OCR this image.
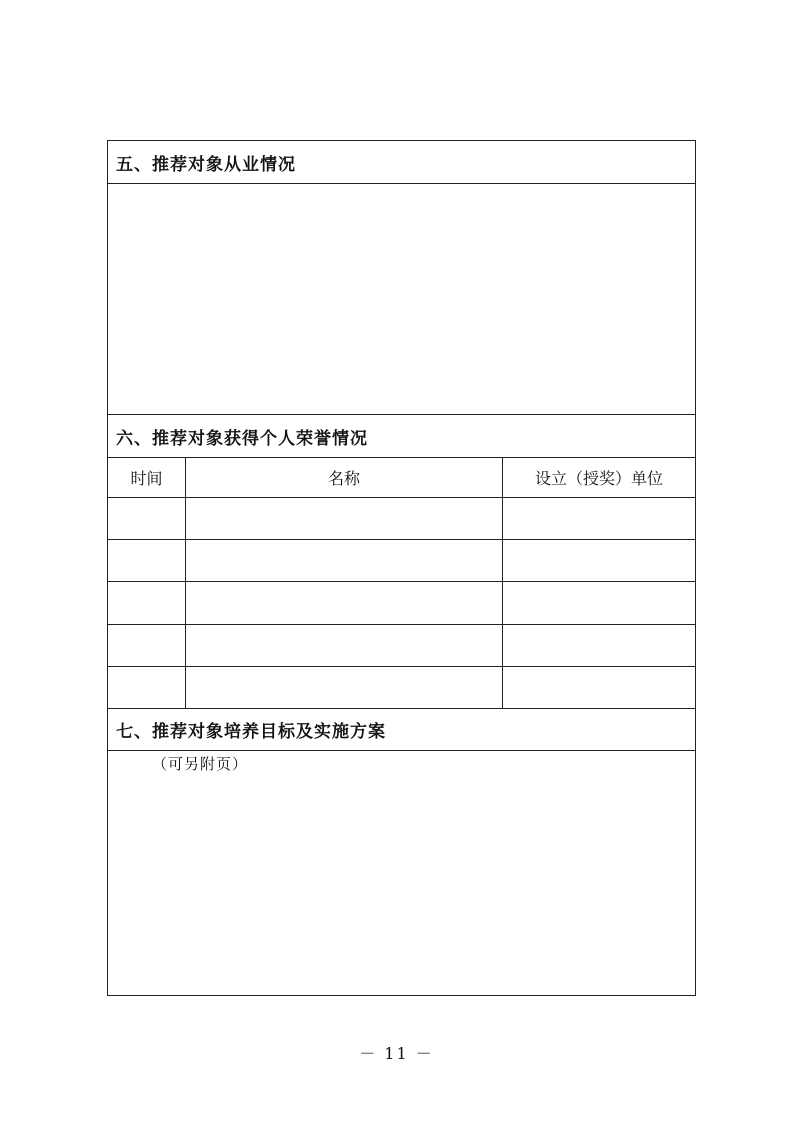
五、推荐对象从业情况
六、推荐对象获得个人荣誉情况
时间	名称	设立（授奖）单位
七、推荐对象培养目标及实施方案
（可另附页）
－ 11 －
